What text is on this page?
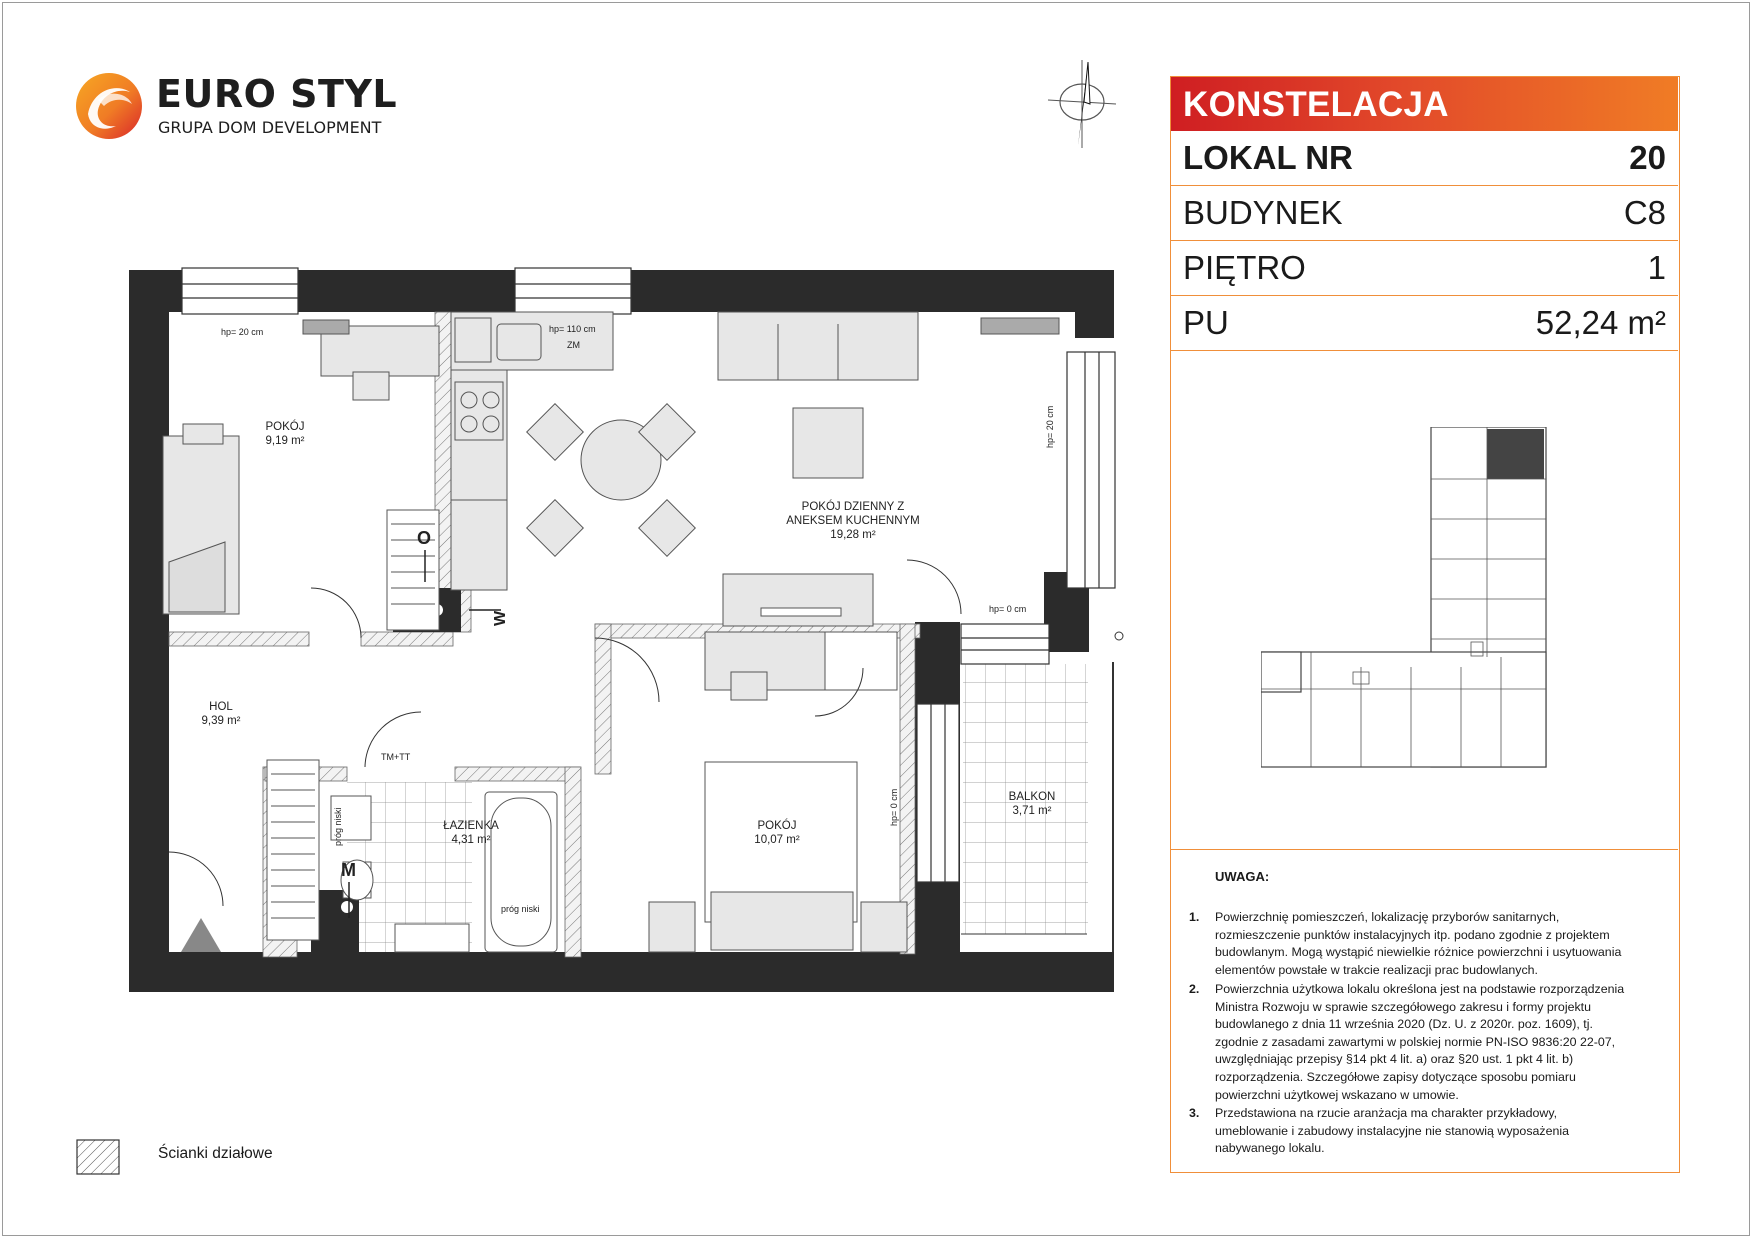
EURO STYL
GRUPA DOM DEVELOPMENT
POKÓJ
9,19 m²
POKÓJ DZIENNY Z
ANEKSEM KUCHENNYM
19,28 m²
HOL
9,39 m²
ŁAZIENKA
4,31 m²
POKÓJ
10,07 m²
BALKON
3,71 m²
hp= 20 cm	hp= 110 cm
ZM
hp= 20 cm
hp= 0 cm
hp= 0 cm
TM+TT
próg niski
próg niski
O
W
M
KONSTELACJA
LOKAL NR	20
BUDYNEK	C8
PIĘTRO	1
PU	52,24 m²
UWAGA:
1. Powierzchnię pomieszczeń, lokalizację przyborów sanitarnych,
rozmieszczenie punktów instalacyjnych itp. podano zgodnie z projektem
budowlanym. Mogą wystąpić niewielkie różnice powierzchni i usytuowania
elementów powstałe w trakcie realizacji prac budowlanych.
2. Powierzchnia użytkowa lokalu określona jest na podstawie rozporządzenia
Ministra Rozwoju w sprawie szczegółowego zakresu i formy projektu
budowlanego z dnia 11 września 2020 (Dz. U. z 2020r. poz. 1609), tj.
zgodnie z zasadami zawartymi w polskiej normie PN-ISO 9836:20 22-07,
uwzględniając przepisy §14 pkt 4 lit. a) oraz §20 ust. 1 pkt 4 lit. b)
rozporządzenia. Szczegółowe zapisy dotyczące sposobu pomiaru
powierzchni użytkowej wskazano w umowie.
3. Przedstawiona na rzucie aranżacja ma charakter przykładowy,
umeblowanie i zabudowy instalacyjne nie stanowią wyposażenia
nabywanego lokalu.
Ścianki działowe
